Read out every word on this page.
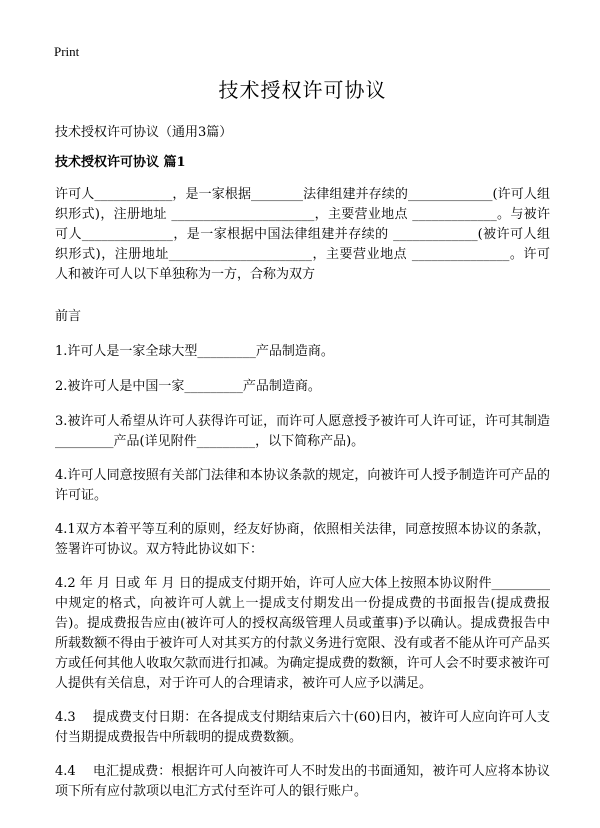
Print
技术授权许可协议

技术授权许可协议（通用3篇）

技术授权许可协议 篇1

许可人____________，是一家根据________法律组建并存续的_____________(许可人组织形式)，注册地址 ______________________，主要营业地点 _____________。与被许可人______________，是一家根据中国法律组建并存续的 _____________(被许可人组织形式)，注册地址______________________，主要营业地点 _______________。许可人和被许可人以下单独称为一方，合称为双方

前言

1.许可人是一家全球大型_________产品制造商。

2.被许可人是中国一家_________产品制造商。

3.被许可人希望从许可人获得许可证，而许可人愿意授予被许可人许可证，许可其制造_________产品(详见附件_________，以下简称产品)。

4.许可人同意按照有关部门法律和本协议条款的规定，向被许可人授予制造许可产品的许可证。

4.1双方本着平等互利的原则，经友好协商，依照相关法律，同意按照本协议的条款，签署许可协议。双方特此协议如下：

4.2 年 月 日或 年 月 日的提成支付期开始，许可人应大体上按照本协议附件_________中规定的格式，向被许可人就上一提成支付期发出一份提成费的书面报告(提成费报告)。提成费报告应由(被许可人的授权高级管理人员或董事)予以确认。提成费报告中所载数额不得由于被许可人对其买方的付款义务进行宽限、没有或者不能从许可产品买方或任何其他人收取欠款而进行扣减。为确定提成费的数额，许可人会不时要求被许可人提供有关信息，对于许可人的合理请求，被许可人应予以满足。

4.3　 提成费支付日期：在各提成支付期结束后六十(60)日内，被许可人应向许可人支付当期提成费报告中所载明的提成费数额。

4.4　 电汇提成费：根据许可人向被许可人不时发出的书面通知，被许可人应将本协议项下所有应付款项以电汇方式付至许可人的银行账户。
